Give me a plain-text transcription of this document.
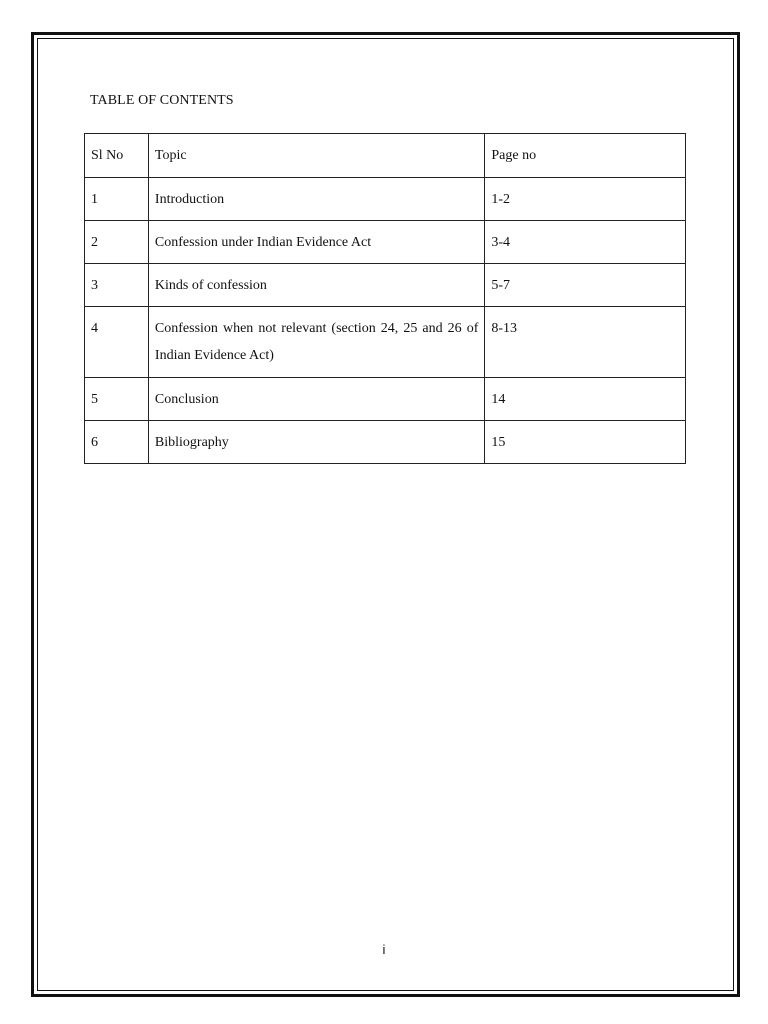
TABLE OF CONTENTS
Sl No	Topic	Page no
1	Introduction	1-2
2	Confession under Indian Evidence Act	3-4
3	Kinds of confession	5-7
4	Confession when not relevant (section 24, 25 and 26 of Indian Evidence Act)	8-13
5	Conclusion	14
6	Bibliography	15
i
